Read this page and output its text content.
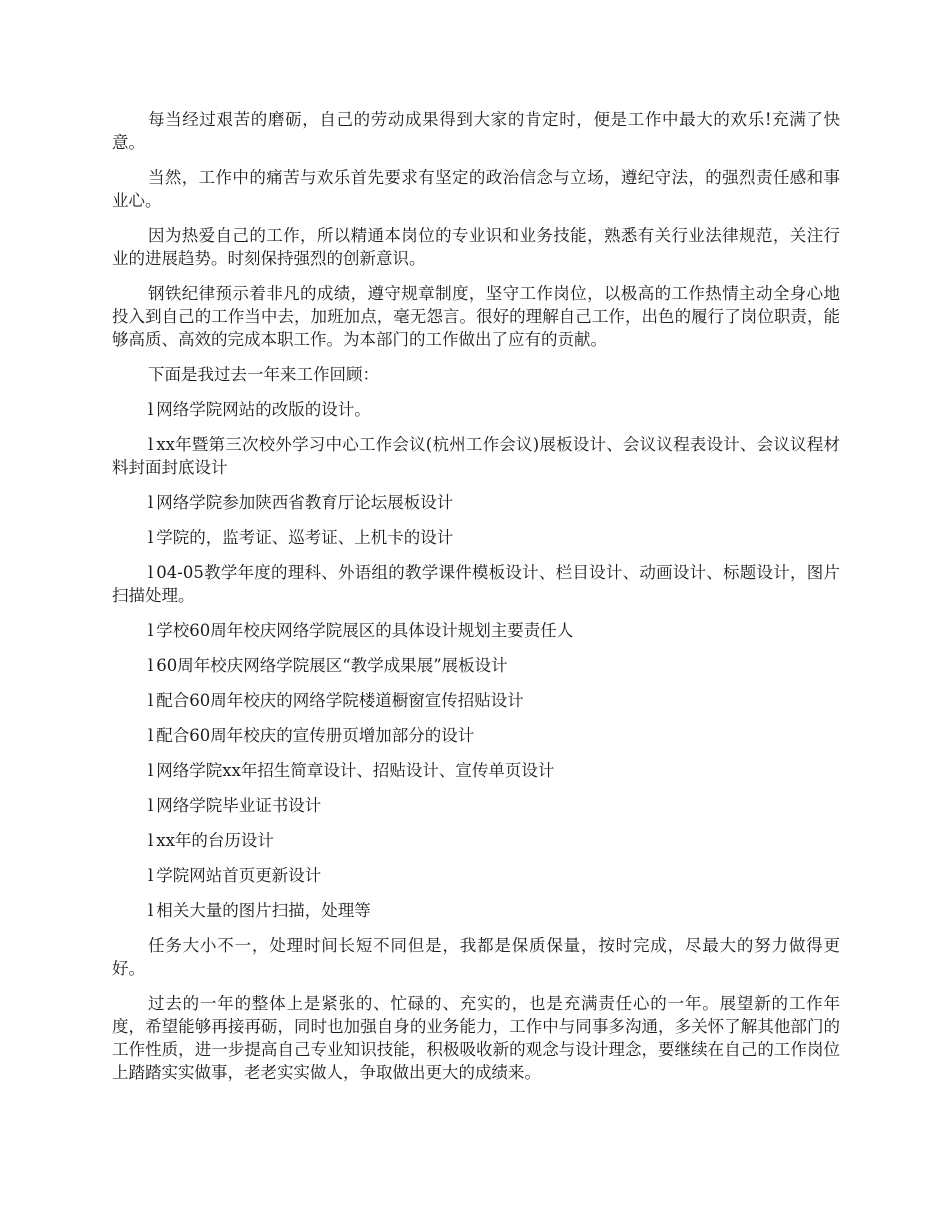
每当经过艰苦的磨砺，自己的劳动成果得到大家的肯定时，便是工作中最大的欢乐!充满了快意。

当然，工作中的痛苦与欢乐首先要求有坚定的政治信念与立场，遵纪守法，的强烈责任感和事业心。

因为热爱自己的工作，所以精通本岗位的专业识和业务技能，熟悉有关行业法律规范，关注行业的进展趋势。时刻保持强烈的创新意识。

钢铁纪律预示着非凡的成绩，遵守规章制度，坚守工作岗位，以极高的工作热情主动全身心地投入到自己的工作当中去，加班加点，毫无怨言。很好的理解自己工作，出色的履行了岗位职责，能够高质、高效的完成本职工作。为本部门的工作做出了应有的贡献。

下面是我过去一年来工作回顾：

l 网络学院网站的改版的设计。

l xx年暨第三次校外学习中心工作会议(杭州工作会议)展板设计、会议议程表设计、会议议程材料封面封底设计

l 网络学院参加陕西省教育厅论坛展板设计

l 学院的，监考证、巡考证、上机卡的设计

l 04-05教学年度的理科、外语组的教学课件模板设计、栏目设计、动画设计、标题设计，图片扫描处理。

l 学校60周年校庆网络学院展区的具体设计规划主要责任人

l 60周年校庆网络学院展区“教学成果展”展板设计

l 配合60周年校庆的网络学院楼道橱窗宣传招贴设计

l 配合60周年校庆的宣传册页增加部分的设计

l 网络学院xx年招生简章设计、招贴设计、宣传单页设计

l 网络学院毕业证书设计

l xx年的台历设计

l 学院网站首页更新设计

l 相关大量的图片扫描，处理等

任务大小不一，处理时间长短不同但是，我都是保质保量，按时完成，尽最大的努力做得更好。

过去的一年的整体上是紧张的、忙碌的、充实的，也是充满责任心的一年。展望新的工作年度，希望能够再接再砺，同时也加强自身的业务能力，工作中与同事多沟通，多关怀了解其他部门的工作性质，进一步提高自己专业知识技能，积极吸收新的观念与设计理念，要继续在自己的工作岗位上踏踏实实做事，老老实实做人，争取做出更大的成绩来。
